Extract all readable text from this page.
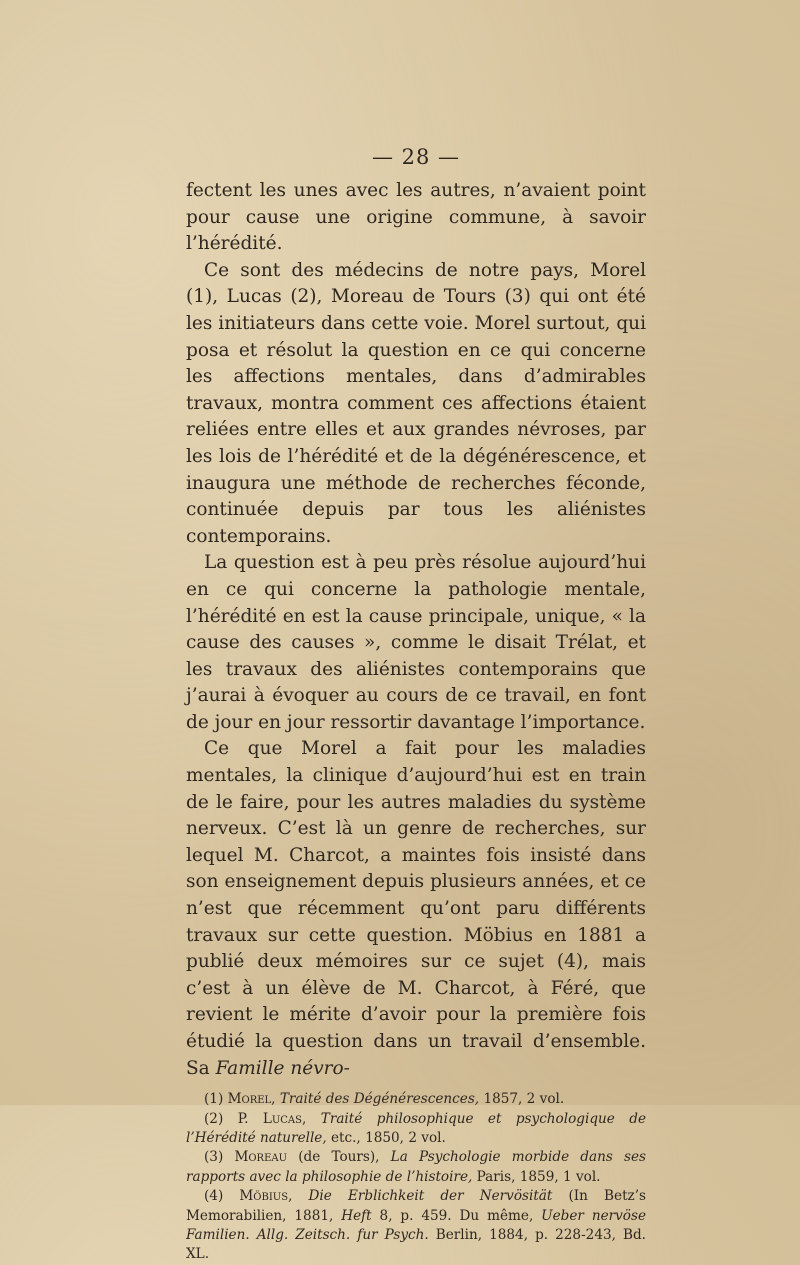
— 28 —

fectent les unes avec les autres, n’avaient point pour cause une origine commune, à savoir l’hérédité.

Ce sont des médecins de notre pays, Morel (1), Lucas (2), Moreau de Tours (3) qui ont été les initiateurs dans cette voie. Morel surtout, qui posa et résolut la question en ce qui concerne les affections mentales, dans d’admirables travaux, montra comment ces affections étaient reliées entre elles et aux grandes névroses, par les lois de l’hérédité et de la dégénérescence, et inaugura une méthode de recherches féconde, continuée depuis par tous les aliénistes contemporains.

La question est à peu près résolue aujourd’hui en ce qui concerne la pathologie mentale, l’hérédité en est la cause principale, unique, « la cause des causes », comme le disait Trélat, et les travaux des aliénistes contemporains que j’aurai à évoquer au cours de ce travail, en font de jour en jour ressortir davantage l’importance.

Ce que Morel a fait pour les maladies mentales, la clinique d’aujourd’hui est en train de le faire, pour les autres maladies du système nerveux. C’est là un genre de recherches, sur lequel M. Charcot, a maintes fois insisté dans son enseignement depuis plusieurs années, et ce n’est que récemment qu’ont paru différents travaux sur cette question. Möbius en 1881 a publié deux mémoires sur ce sujet (4), mais c’est à un élève de M. Charcot, à Féré, que revient le mérite d’avoir pour la première fois étudié la question dans un travail d’ensemble. Sa Famille névro-

(1) Morel, Traité des Dégénérescences, 1857, 2 vol.

(2) P. Lucas, Traité philosophique et psychologique de l’Hérédité naturelle, etc., 1850, 2 vol.

(3) Moreau (de Tours), La Psychologie morbide dans ses rapports avec la philosophie de l’histoire, Paris, 1859, 1 vol.

(4) Möbius, Die Erblichkeit der Nervösität (In Betz’s Memorabilien, 1881, Heft 8, p. 459. Du même, Ueber nervöse Familien. Allg. Zeitsch. fur Psych. Berlin, 1884, p. 228-243, Bd. XL.
